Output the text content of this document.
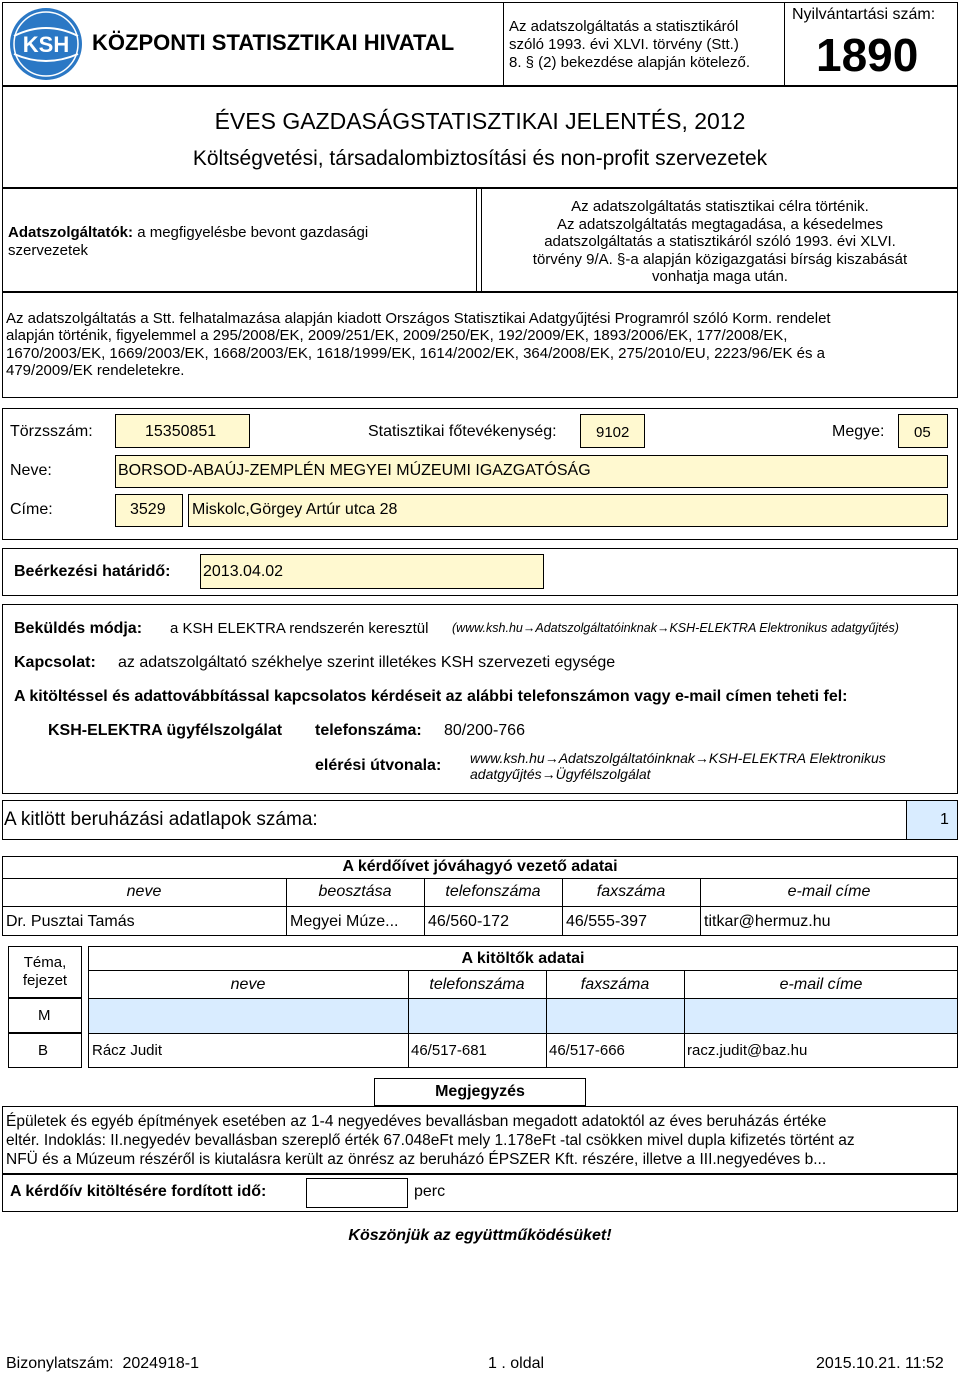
KSH KÖZPONTI STATISZTIKAI HIVATAL
Az adatszolgáltatás a statisztikáról
szóló 1993. évi XLVI. törvény (Stt.)
8. § (2) bekezdése alapján kötelező.
Nyilvántartási szám:
1890
ÉVES GAZDASÁGSTATISZTIKAI JELENTÉS, 2012
Költségvetési, társadalombiztosítási és non-profit szervezetek
Adatszolgáltatók: a megfigyelésbe bevont gazdasági
szervezetek
Az adatszolgáltatás statisztikai célra történik.
Az adatszolgáltatás megtagadása, a késedelmes
adatszolgáltatás a statisztikáról szóló 1993. évi XLVI.
törvény 9/A. §-a alapján közigazgatási bírság kiszabását
vonhatja maga után.
Az adatszolgáltatás a Stt. felhatalmazása alapján kiadott Országos Statisztikai Adatgyűjtési Programról szóló Korm. rendelet
alapján történik, figyelemmel a 295/2008/EK, 2009/251/EK, 2009/250/EK, 192/2009/EK, 1893/2006/EK, 177/2008/EK,
1670/2003/EK, 1669/2003/EK, 1668/2003/EK, 1618/1999/EK, 1614/2002/EK, 364/2008/EK, 275/2010/EU, 2223/96/EK és a
479/2009/EK rendeletekre.
Törzsszám:	15350851	Statisztikai főtevékenység:	9102	Megye: 05
Neve:	BORSOD-ABAÚJ-ZEMPLÉN MEGYEI MÚZEUMI IGAZGATÓSÁG
Címe:	3529 Miskolc,Görgey Artúr utca 28
Beérkezési határidő: 2013.04.02
Beküldés módja: a KSH ELEKTRA rendszerén keresztül (www.ksh.hu→Adatszolgáltatóinknak→KSH-ELEKTRA Elektronikus adatgyűjtés)
Kapcsolat: az adatszolgáltató székhelye szerint illetékes KSH szervezeti egysége
A kitöltéssel és adattovábbítással kapcsolatos kérdéseit az alábbi telefonszámon vagy e-mail címen teheti fel:
KSH-ELEKTRA ügyfélszolgálat telefonszáma: 80/200-766
elérési útvonala: www.ksh.hu→Adatszolgáltatóinknak→KSH-ELEKTRA Elektronikus
adatgyűjtés→Ügyfélszolgálat
A kitlött beruházási adatlapok száma:	1
A kérdőívet jóváhagyó vezető adatai
neve	beosztása	telefonszáma	faxszáma	e-mail címe
Dr. Pusztai Tamás	Megyei Múze... 46/560-172	46/555-397	titkar@hermuz.hu
Téma, fejezet
A kitöltők adatai
neve	telefonszáma	faxszáma	e-mail címe
M
B	Rácz Judit	46/517-681	46/517-666	racz.judit@baz.hu
Megjegyzés
Épületek és egyéb építmények esetében az 1-4 negyedéves bevallásban megadott adatoktól az éves beruházás értéke
eltér. Indoklás: II.negyedév bevallásban szereplő érték 67.048eFt mely 1.178eFt -tal csökken mivel dupla kifizetés történt az
NFÜ és a Múzeum részéről is kiutalásra került az önrész az beruházó ÉPSZER Kft. részére, illetve a III.negyedéves b...
A kérdőív kitöltésére fordított idő:	perc
Köszönjük az együttműködésüket!
Bizonylatszám: 2024918-1	1 . oldal	2015.10.21. 11:52
